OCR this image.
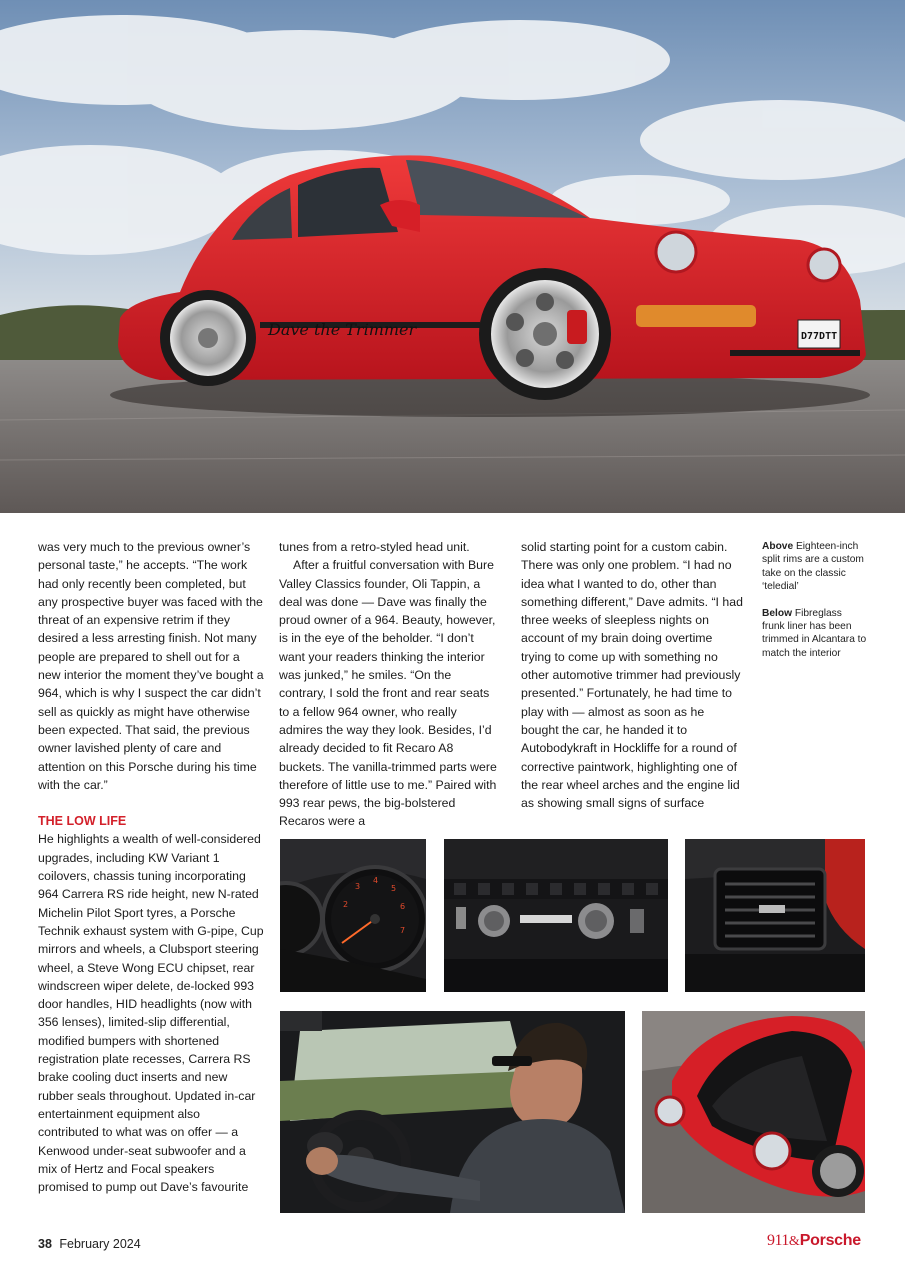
Dave the Trimmer	D77DTT

was very much to the previous owner’s personal taste,” he accepts. “The work had only recently been completed, but any prospective buyer was faced with the threat of an expensive retrim if they desired a less arresting finish. Not many people are prepared to shell out for a new interior the moment they’ve bought a 964, which is why I suspect the car didn’t sell as quickly as might have otherwise been expected. That said, the previous owner lavished plenty of care and attention on this Porsche during his time with the car.”

THE LOW LIFE

He highlights a wealth of well-considered upgrades, including KW Variant 1 coilovers, chassis tuning incorporating 964 Carrera RS ride height, new N-rated Michelin Pilot Sport tyres, a Porsche Technik exhaust system with G-pipe, Cup mirrors and wheels, a Clubsport steering wheel, a Steve Wong ECU chipset, rear windscreen wiper delete, de-locked 993 door handles, HID headlights (now with 356 lenses), limited-slip differential, modified bumpers with shortened registration plate recesses, Carrera RS brake cooling duct inserts and new rubber seals throughout. Updated in-car entertainment equipment also contributed to what was on offer — a Kenwood under-seat subwoofer and a mix of Hertz and Focal speakers promised to pump out Dave’s favourite

tunes from a retro-styled head unit.

After a fruitful conversation with Bure Valley Classics founder, Oli Tappin, a deal was done — Dave was finally the proud owner of a 964. Beauty, however, is in the eye of the beholder. “I don’t want your readers thinking the interior was junked,” he smiles. “On the contrary, I sold the front and rear seats to a fellow 964 owner, who really admires the way they look. Besides, I’d already decided to fit Recaro A8 buckets. The vanilla-trimmed parts were therefore of little use to me.” Paired with 993 rear pews, the big-bolstered Recaros were a

solid starting point for a custom cabin. There was only one problem. “I had no idea what I wanted to do, other than something different,” Dave admits. “I had three weeks of sleepless nights on account of my brain doing overtime trying to come up with something no other automotive trimmer had previously presented.” Fortunately, he had time to play with — almost as soon as he bought the car, he handed it to Autobodykraft in Hockliffe for a round of corrective paintwork, highlighting one of the rear wheel arches and the engine lid as showing small signs of surface

Above Eighteen-inch split rims are a custom take on the classic ‘teledial’

Below Fibreglass frunk liner has been trimmed in Alcantara to match the interior

2
3
4
5
6
7
38 February 2024	911&Porsche
